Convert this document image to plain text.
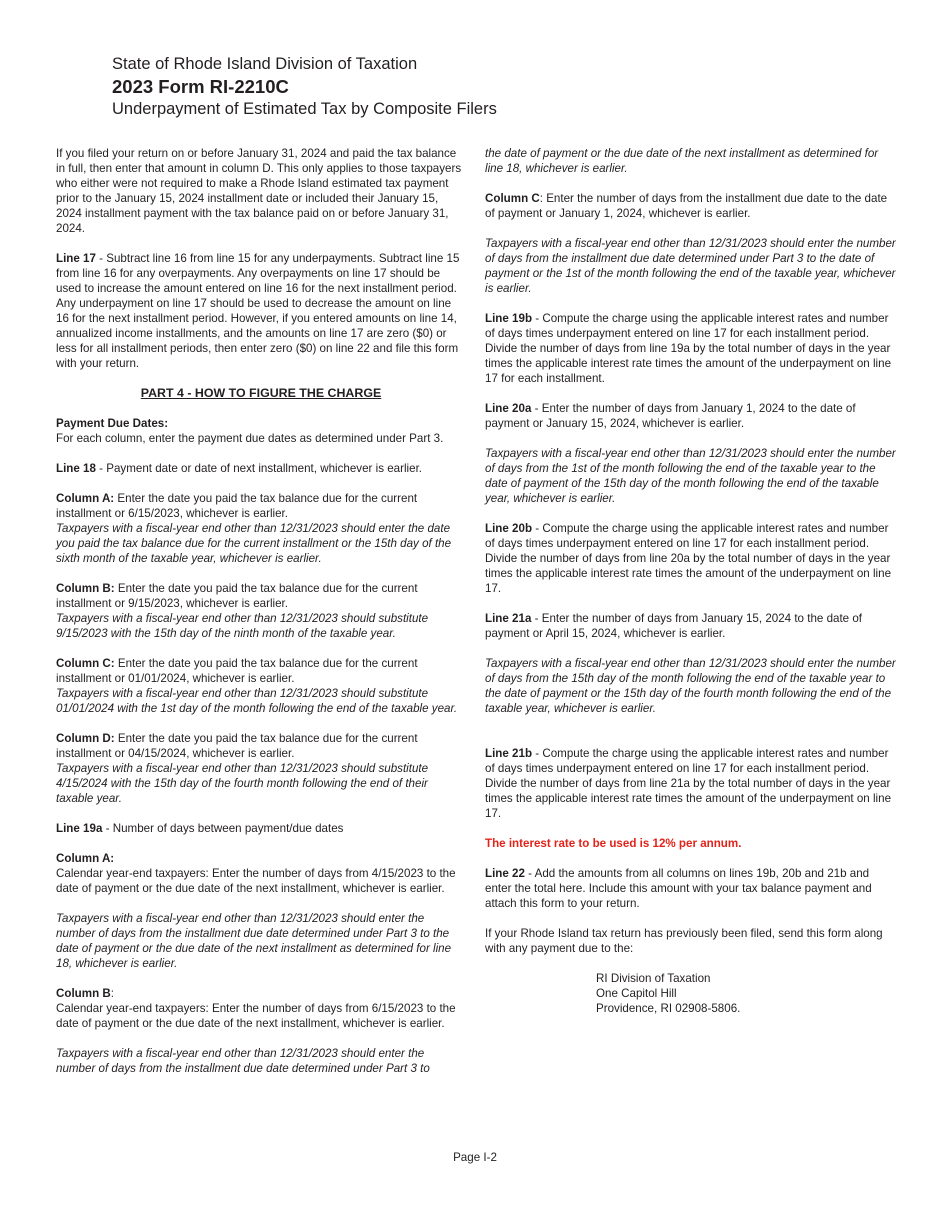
State of Rhode Island Division of Taxation
2023 Form RI-2210C
Underpayment of Estimated Tax by Composite Filers

If you filed your return on or before January 31, 2024 and paid the tax balance in full, then enter that amount in column D. This only applies to those taxpayers who either were not required to make a Rhode Island estimated tax payment prior to the January 15, 2024 installment date or included their January 15, 2024 installment payment with the tax balance paid on or before January 31, 2024.

Line 17 - Subtract line 16 from line 15 for any underpayments. Subtract line 15 from line 16 for any overpayments. Any overpayments on line 17 should be used to increase the amount entered on line 16 for the next installment period. Any underpayment on line 17 should be used to decrease the amount on line 16 for the next installment period. However, if you entered amounts on line 14, annualized income installments, and the amounts on line 17 are zero ($0) or less for all installment periods, then enter zero ($0) on line 22 and file this form with your return.

PART 4 - HOW TO FIGURE THE CHARGE

Payment Due Dates:
For each column, enter the payment due dates as determined under Part 3.

Line 18 - Payment date or date of next installment, whichever is earlier.

Column A: Enter the date you paid the tax balance due for the current installment or 6/15/2023, whichever is earlier.
Taxpayers with a fiscal-year end other than 12/31/2023 should enter the date you paid the tax balance due for the current installment or the 15th day of the sixth month of the taxable year, whichever is earlier.

Column B: Enter the date you paid the tax balance due for the current installment or 9/15/2023, whichever is earlier.
Taxpayers with a fiscal-year end other than 12/31/2023 should substitute 9/15/2023 with the 15th day of the ninth month of the taxable year.

Column C: Enter the date you paid the tax balance due for the current installment or 01/01/2024, whichever is earlier.
Taxpayers with a fiscal-year end other than 12/31/2023 should substitute 01/01/2024 with the 1st day of the month following the end of the taxable year.

Column D: Enter the date you paid the tax balance due for the current installment or 04/15/2024, whichever is earlier.
Taxpayers with a fiscal-year end other than 12/31/2023 should substitute 4/15/2024 with the 15th day of the fourth month following the end of their taxable year.

Line 19a - Number of days between payment/due dates

Column A:
Calendar year-end taxpayers: Enter the number of days from 4/15/2023 to the date of payment or the due date of the next installment, whichever is earlier.

Taxpayers with a fiscal-year end other than 12/31/2023 should enter the number of days from the installment due date determined under Part 3 to the date of payment or the due date of the next installment as determined for line 18, whichever is earlier.

Column B:
Calendar year-end taxpayers: Enter the number of days from 6/15/2023 to the date of payment or the due date of the next installment, whichever is earlier.

Taxpayers with a fiscal-year end other than 12/31/2023 should enter the number of days from the installment due date determined under Part 3 to

the date of payment or the due date of the next installment as determined for line 18, whichever is earlier.

Column C: Enter the number of days from the installment due date to the date of payment or January 1, 2024, whichever is earlier.

Taxpayers with a fiscal-year end other than 12/31/2023 should enter the number of days from the installment due date determined under Part 3 to the date of payment or the 1st of the month following the end of the taxable year, whichever is earlier.

Line 19b - Compute the charge using the applicable interest rates and number of days times underpayment entered on line 17 for each installment period. Divide the number of days from line 19a by the total number of days in the year times the applicable interest rate times the amount of the underpayment on line 17 for each installment.

Line 20a - Enter the number of days from January 1, 2024 to the date of payment or January 15, 2024, whichever is earlier.

Taxpayers with a fiscal-year end other than 12/31/2023 should enter the number of days from the 1st of the month following the end of the taxable year to the date of payment of the 15th day of the month following the end of the taxable year, whichever is earlier.

Line 20b - Compute the charge using the applicable interest rates and number of days times underpayment entered on line 17 for each installment period. Divide the number of days from line 20a by the total number of days in the year times the applicable interest rate times the amount of the underpayment on line 17.

Line 21a - Enter the number of days from January 15, 2024 to the date of payment or April 15, 2024, whichever is earlier.

Taxpayers with a fiscal-year end other than 12/31/2023 should enter the number of days from the 15th day of the month following the end of the taxable year to the date of payment or the 15th day of the fourth month following the end of the taxable year, whichever is earlier.

Line 21b - Compute the charge using the applicable interest rates and number of days times underpayment entered on line 17 for each installment period. Divide the number of days from line 21a by the total number of days in the year times the applicable interest rate times the amount of the underpayment on line 17.

The interest rate to be used is 12% per annum.

Line 22 - Add the amounts from all columns on lines 19b, 20b and 21b and enter the total here. Include this amount with your tax balance payment and attach this form to your return.

If your Rhode Island tax return has previously been filed, send this form along with any payment due to the:

RI Division of Taxation
One Capitol Hill
Providence, RI 02908-5806.
Page I-2
